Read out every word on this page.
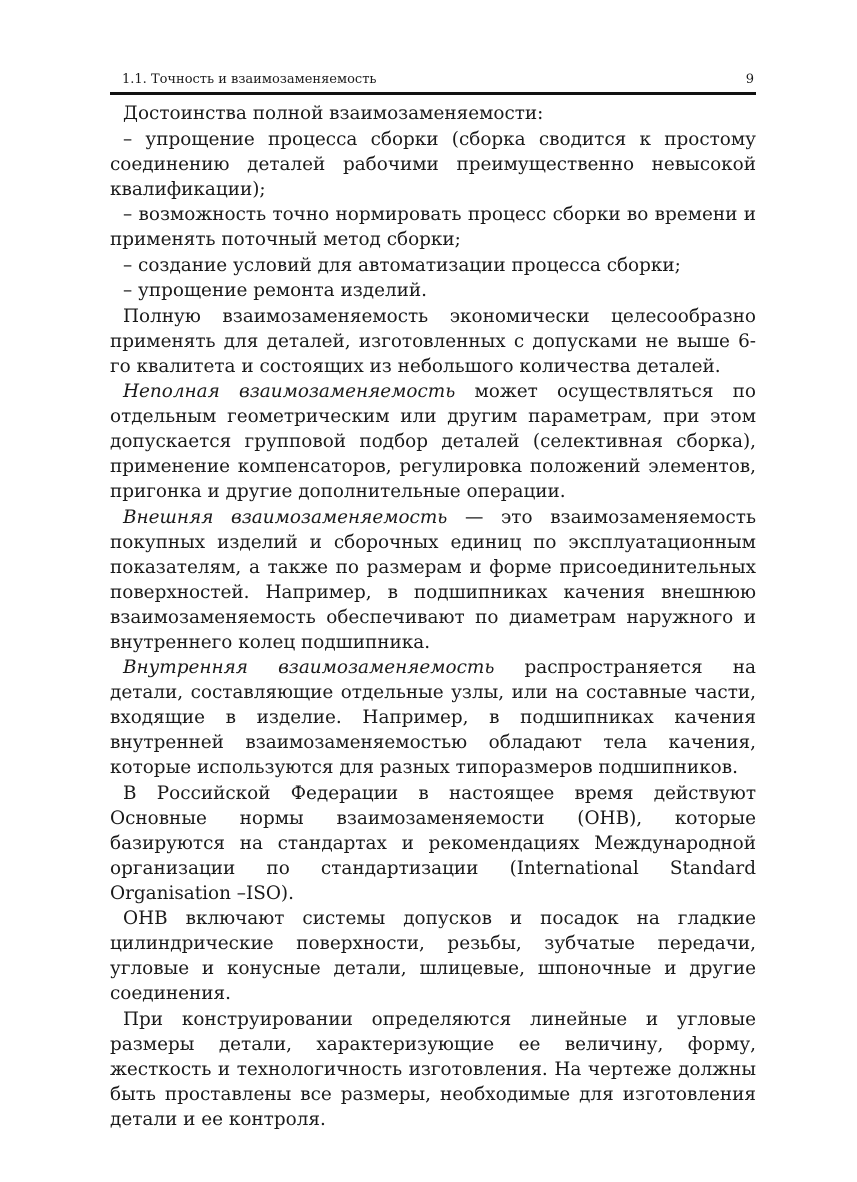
1.1. Точность и взаимозаменяемость	9

Достоинства полной взаимозаменяемости:

– упрощение процесса сборки (сборка сводится к простому соединению деталей рабочими преимущественно невысокой квалификации);

– возможность точно нормировать процесс сборки во времени и применять поточный метод сборки;

– создание условий для автоматизации процесса сборки;

– упрощение ремонта изделий.

Полную взаимозаменяемость экономически целесообразно применять для деталей, изготовленных с допусками не выше 6-го квалитета и состоящих из небольшого количества деталей.

Неполная взаимозаменяемость может осуществляться по отдельным геометрическим или другим параметрам, при этом допускается групповой подбор деталей (селективная сборка), применение компенсаторов, регулировка положений элементов, пригонка и другие дополнительные операции.

Внешняя взаимозаменяемость — это взаимозаменяемость покупных изделий и сборочных единиц по эксплуатационным показателям, а также по размерам и форме присоединительных поверхностей. Например, в подшипниках качения внешнюю взаимозаменяемость обеспечивают по диаметрам наружного и внутреннего колец подшипника.

Внутренняя взаимозаменяемость распространяется на детали, составляющие отдельные узлы, или на составные части, входящие в изделие. Например, в подшипниках качения внутренней взаимозаменяемостью обладают тела качения, которые используются для разных типоразмеров подшипников.

В Российской Федерации в настоящее время действуют Основные нормы взаимозаменяемости (ОНВ), которые базируются на стандартах и рекомендациях Международной организации по стандартизации (International Standard Organisation –ISO).

ОНВ включают системы допусков и посадок на гладкие цилиндрические поверхности, резьбы, зубчатые передачи, угловые и конусные детали, шлицевые, шпоночные и другие соединения.

При конструировании определяются линейные и угловые размеры детали, характеризующие ее величину, форму, жесткость и технологичность изготовления. На чертеже должны быть проставлены все размеры, необходимые для изготовления детали и ее контроля.
